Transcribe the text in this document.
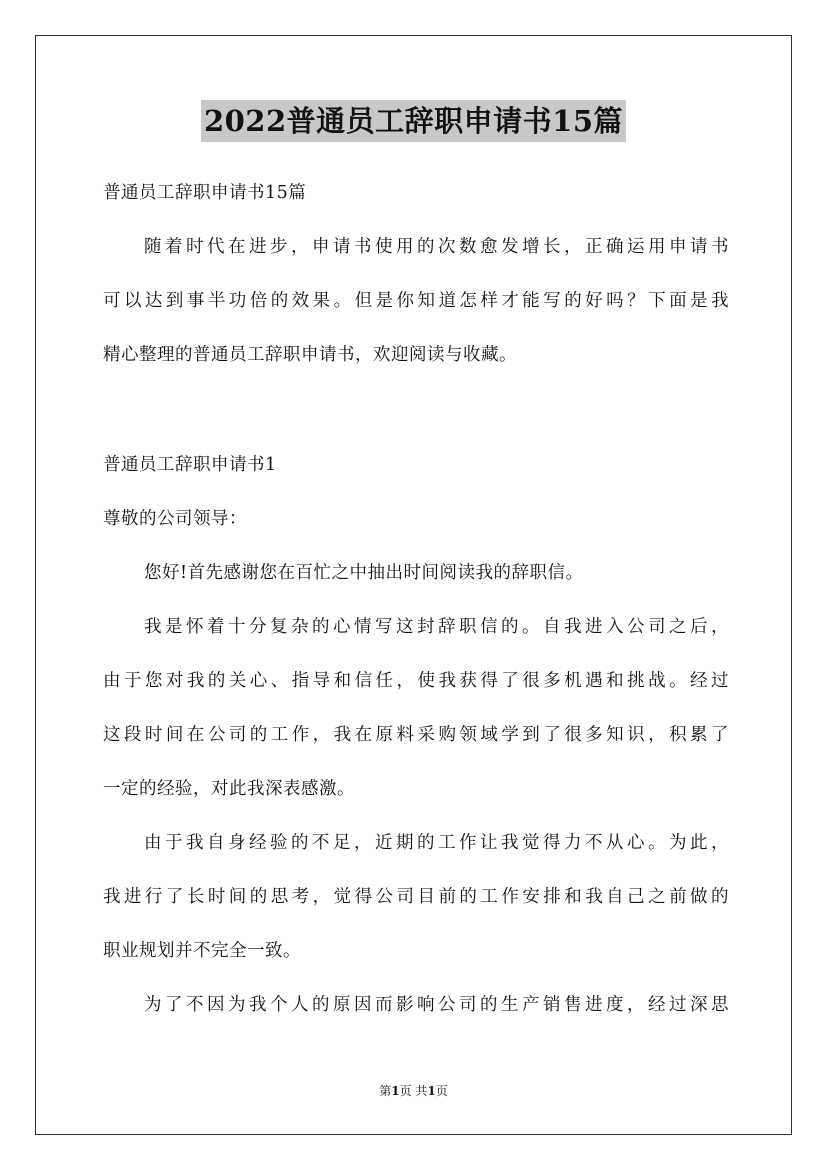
2022普通员工辞职申请书15篇
普通员工辞职申请书15篇
随着时代在进步，申请书使用的次数愈发增长，正确运用申请书
可以达到事半功倍的效果。但是你知道怎样才能写的好吗？下面是我
精心整理的普通员工辞职申请书，欢迎阅读与收藏。
普通员工辞职申请书1
尊敬的公司领导：
您好!首先感谢您在百忙之中抽出时间阅读我的辞职信。
我是怀着十分复杂的心情写这封辞职信的。自我进入公司之后，
由于您对我的关心、指导和信任，使我获得了很多机遇和挑战。经过
这段时间在公司的工作，我在原料采购领域学到了很多知识，积累了
一定的经验，对此我深表感激。
由于我自身经验的不足，近期的工作让我觉得力不从心。为此，
我进行了长时间的思考，觉得公司目前的工作安排和我自己之前做的
职业规划并不完全一致。
为了不因为我个人的原因而影响公司的生产销售进度，经过深思
第1页 共1页
